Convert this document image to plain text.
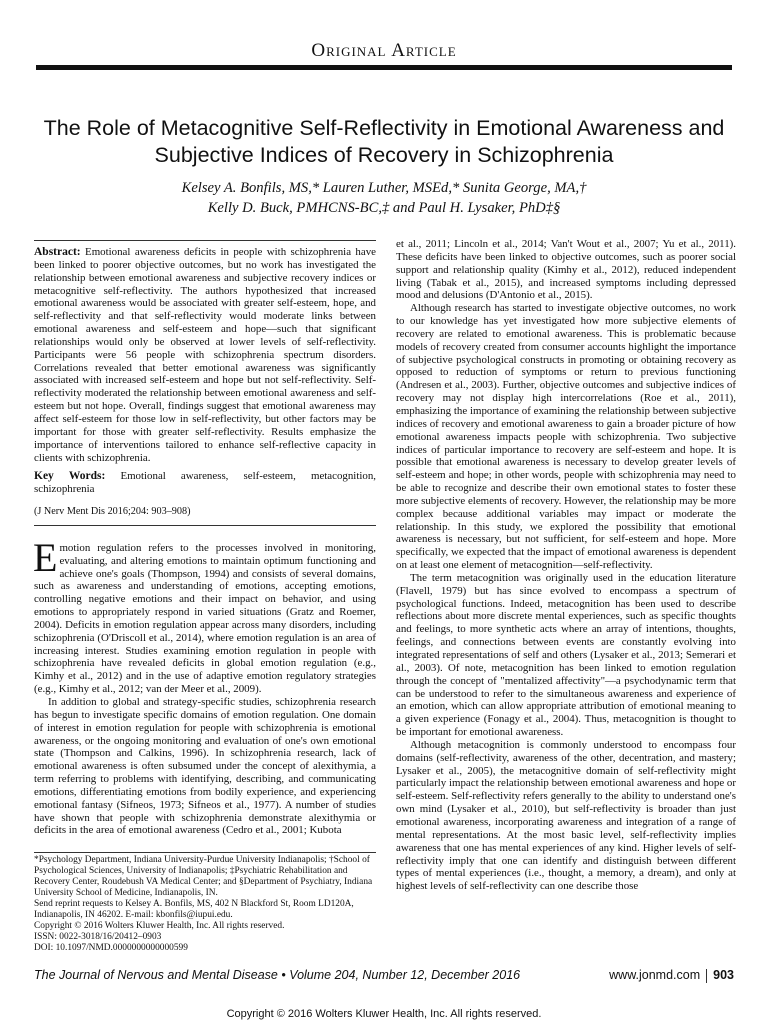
Original Article
The Role of Metacognitive Self-Reflectivity in Emotional Awareness and Subjective Indices of Recovery in Schizophrenia
Kelsey A. Bonfils, MS,* Lauren Luther, MSEd,* Sunita George, MA,†
Kelly D. Buck, PMHCNS-BC,‡ and Paul H. Lysaker, PhD‡§

Abstract: Emotional awareness deficits in people with schizophrenia have been linked to poorer objective outcomes, but no work has investigated the relationship between emotional awareness and subjective recovery indices or metacognitive self-reflectivity. The authors hypothesized that increased emotional awareness would be associated with greater self-esteem, hope, and self-reflectivity and that self-reflectivity would moderate links between emotional awareness and self-esteem and hope—such that significant relationships would only be observed at lower levels of self-reflectivity. Participants were 56 people with schizophrenia spectrum disorders. Correlations revealed that better emotional awareness was significantly associated with increased self-esteem and hope but not self-reflectivity. Self-reflectivity moderated the relationship between emotional awareness and self-esteem but not hope. Overall, findings suggest that emotional awareness may affect self-esteem for those low in self-reflectivity, but other factors may be important for those with greater self-reflectivity. Results emphasize the importance of interventions tailored to enhance self-reflective capacity in clients with schizophrenia.

Key Words: Emotional awareness, self-esteem, metacognition, schizophrenia

(J Nerv Ment Dis 2016;204: 903–908)

Emotion regulation refers to the processes involved in monitoring, evaluating, and altering emotions to maintain optimum functioning and achieve one's goals (Thompson, 1994) and consists of several domains, such as awareness and understanding of emotions, accepting emotions, controlling negative emotions and their impact on behavior, and using emotions to appropriately respond in varied situations (Gratz and Roemer, 2004). Deficits in emotion regulation appear across many disorders, including schizophrenia (O'Driscoll et al., 2014), where emotion regulation is an area of increasing interest. Studies examining emotion regulation in people with schizophrenia have revealed deficits in global emotion regulation (e.g., Kimhy et al., 2012) and in the use of adaptive emotion regulatory strategies (e.g., Kimhy et al., 2012; van der Meer et al., 2009).

In addition to global and strategy-specific studies, schizophrenia research has begun to investigate specific domains of emotion regulation. One domain of interest in emotion regulation for people with schizophrenia is emotional awareness, or the ongoing monitoring and evaluation of one's own emotional state (Thompson and Calkins, 1996). In schizophrenia research, lack of emotional awareness is often subsumed under the concept of alexithymia, a term referring to problems with identifying, describing, and communicating emotions, differentiating emotions from bodily experience, and experiencing emotional fantasy (Sifneos, 1973; Sifneos et al., 1977). A number of studies have shown that people with schizophrenia demonstrate alexithymia or deficits in the area of emotional awareness (Cedro et al., 2001; Kubota

*Psychology Department, Indiana University-Purdue University Indianapolis; †School of Psychological Sciences, University of Indianapolis; ‡Psychiatric Rehabilitation and Recovery Center, Roudebush VA Medical Center; and §Department of Psychiatry, Indiana University School of Medicine, Indianapolis, IN.
Send reprint requests to Kelsey A. Bonfils, MS, 402 N Blackford St, Room LD120A, Indianapolis, IN 46202. E-mail: kbonfils@iupui.edu.
Copyright © 2016 Wolters Kluwer Health, Inc. All rights reserved.
ISSN: 0022-3018/16/20412–0903
DOI: 10.1097/NMD.0000000000000599

et al., 2011; Lincoln et al., 2014; Van't Wout et al., 2007; Yu et al., 2011). These deficits have been linked to objective outcomes, such as poorer social support and relationship quality (Kimhy et al., 2012), reduced independent living (Tabak et al., 2015), and increased symptoms including depressed mood and delusions (D'Antonio et al., 2015).

Although research has started to investigate objective outcomes, no work to our knowledge has yet investigated how more subjective elements of recovery are related to emotional awareness. This is problematic because models of recovery created from consumer accounts highlight the importance of subjective psychological constructs in promoting or obtaining recovery as opposed to reduction of symptoms or return to previous functioning (Andresen et al., 2003). Further, objective outcomes and subjective indices of recovery may not display high intercorrelations (Roe et al., 2011), emphasizing the importance of examining the relationship between subjective indices of recovery and emotional awareness to gain a broader picture of how emotional awareness impacts people with schizophrenia. Two subjective indices of particular importance to recovery are self-esteem and hope. It is possible that emotional awareness is necessary to develop greater levels of self-esteem and hope; in other words, people with schizophrenia may need to be able to recognize and describe their own emotional states to foster these more subjective elements of recovery. However, the relationship may be more complex because additional variables may impact or moderate the relationship. In this study, we explored the possibility that emotional awareness is necessary, but not sufficient, for self-esteem and hope. More specifically, we expected that the impact of emotional awareness is dependent on at least one element of metacognition—self-reflectivity.

The term metacognition was originally used in the education literature (Flavell, 1979) but has since evolved to encompass a spectrum of psychological functions. Indeed, metacognition has been used to describe reflections about more discrete mental experiences, such as specific thoughts and feelings, to more synthetic acts where an array of intentions, thoughts, feelings, and connections between events are constantly evolving into integrated representations of self and others (Lysaker et al., 2013; Semerari et al., 2003). Of note, metacognition has been linked to emotion regulation through the concept of "mentalized affectivity"—a psychodynamic term that can be understood to refer to the simultaneous awareness and experience of an emotion, which can allow appropriate attribution of emotional meaning to a given experience (Fonagy et al., 2004). Thus, metacognition is thought to be important for emotional awareness.

Although metacognition is commonly understood to encompass four domains (self-reflectivity, awareness of the other, decentration, and mastery; Lysaker et al., 2005), the metacognitive domain of self-reflectivity might particularly impact the relationship between emotional awareness and hope or self-esteem. Self-reflectivity refers generally to the ability to understand one's own mind (Lysaker et al., 2010), but self-reflectivity is broader than just emotional awareness, incorporating awareness and integration of a range of mental representations. At the most basic level, self-reflectivity implies awareness that one has mental experiences of any kind. Higher levels of self-reflectivity imply that one can identify and distinguish between different types of mental experiences (i.e., thought, a memory, a dream), and only at highest levels of self-reflectivity can one describe those

The Journal of Nervous and Mental Disease • Volume 204, Number 12, December 2016	www.jonmd.com 903
Copyright © 2016 Wolters Kluwer Health, Inc. All rights reserved.
